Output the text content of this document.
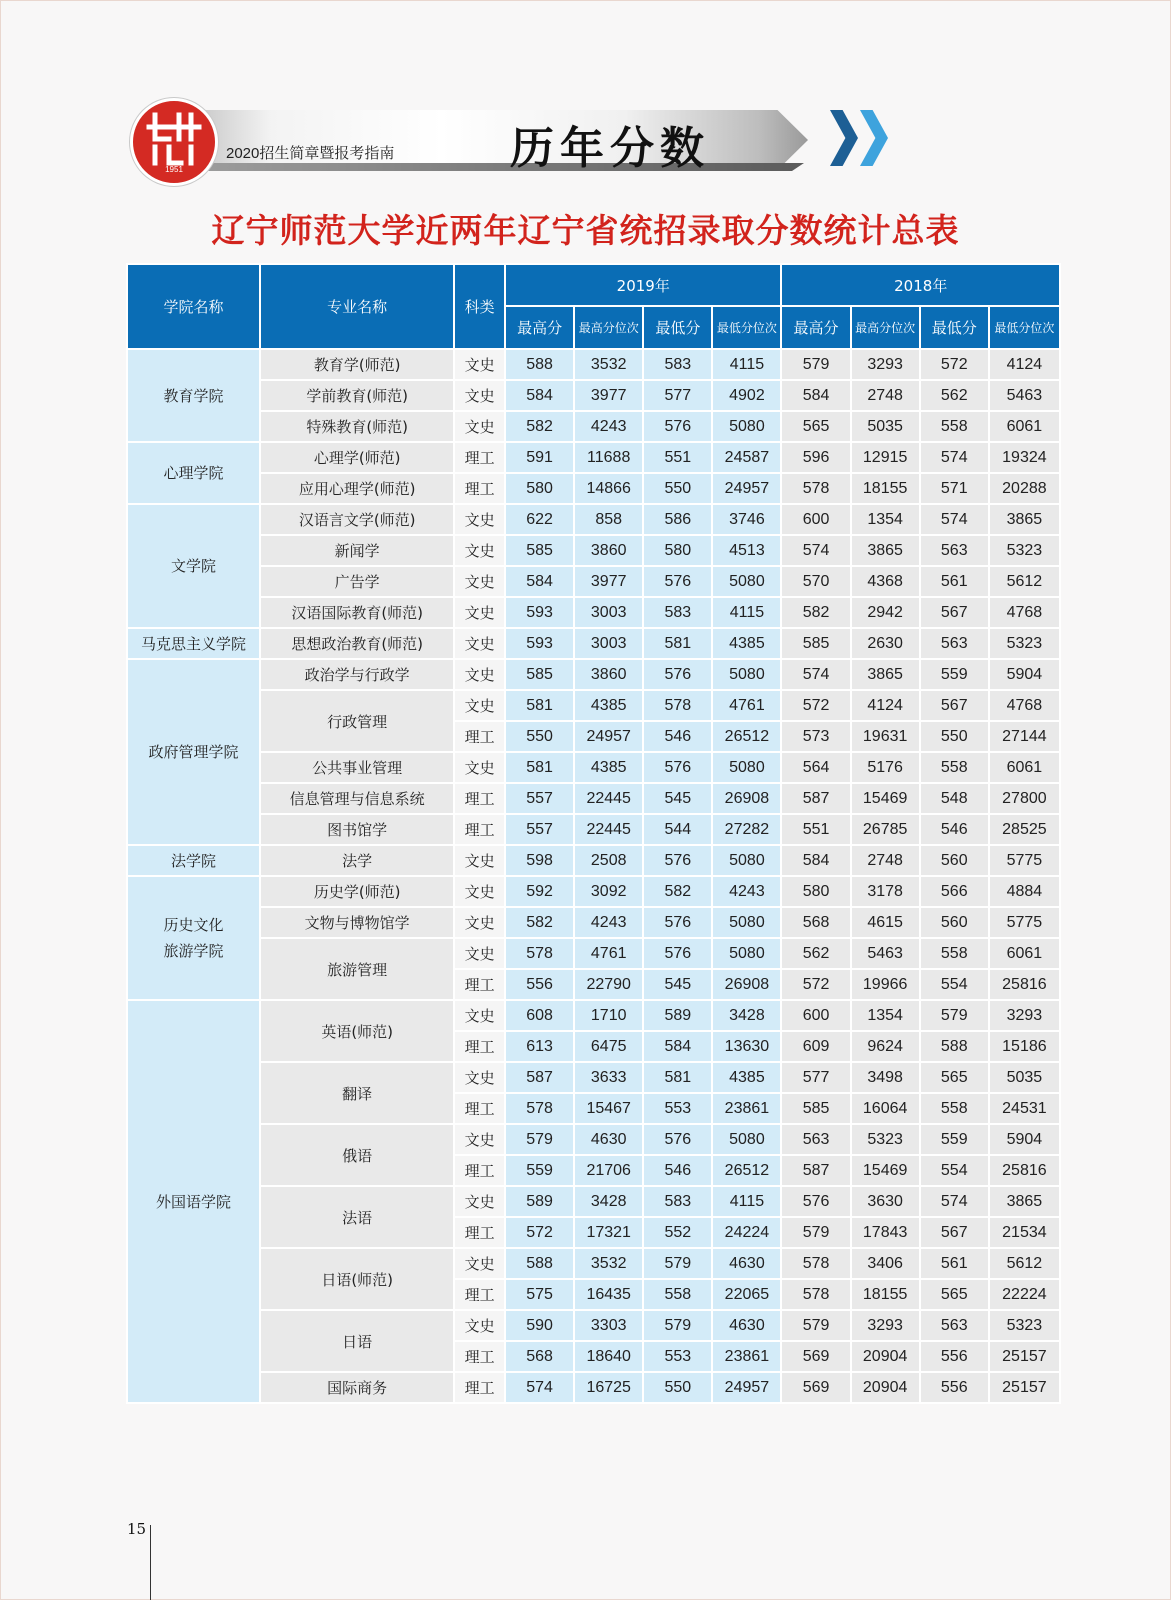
1951
2020招生简章暨报考指南	历年分数
辽宁师范大学近两年辽宁省统招录取分数统计总表
学院名称	专业名称	科类	2019年				2018年			
			最高分	最高分位次	最低分	最低分位次	最高分	最高分位次	最低分	最低分位次
教育学院	教育学(师范)	文史	588	3532	583	4115	579	3293	572	4124
	学前教育(师范)	文史	584	3977	577	4902	584	2748	562	5463
	特殊教育(师范)	文史	582	4243	576	5080	565	5035	558	6061
心理学院	心理学(师范)	理工	591	11688	551	24587	596	12915	574	19324
	应用心理学(师范)	理工	580	14866	550	24957	578	18155	571	20288
文学院	汉语言文学(师范)	文史	622	858	586	3746	600	1354	574	3865
	新闻学	文史	585	3860	580	4513	574	3865	563	5323
	广告学	文史	584	3977	576	5080	570	4368	561	5612
	汉语国际教育(师范)	文史	593	3003	583	4115	582	2942	567	4768
马克思主义学院	思想政治教育(师范)	文史	593	3003	581	4385	585	2630	563	5323
政府管理学院	政治学与行政学	文史	585	3860	576	5080	574	3865	559	5904
	行政管理	文史	581	4385	578	4761	572	4124	567	4768
		理工	550	24957	546	26512	573	19631	550	27144
	公共事业管理	文史	581	4385	576	5080	564	5176	558	6061
	信息管理与信息系统	理工	557	22445	545	26908	587	15469	548	27800
	图书馆学	理工	557	22445	544	27282	551	26785	546	28525
法学院	法学	文史	598	2508	576	5080	584	2748	560	5775
历史文化旅游学院	历史学(师范)	文史	592	3092	582	4243	580	3178	566	4884
	文物与博物馆学	文史	582	4243	576	5080	568	4615	560	5775
	旅游管理	文史	578	4761	576	5080	562	5463	558	6061
		理工	556	22790	545	26908	572	19966	554	25816
外国语学院	英语(师范)	文史	608	1710	589	3428	600	1354	579	3293
		理工	613	6475	584	13630	609	9624	588	15186
	翻译	文史	587	3633	581	4385	577	3498	565	5035
		理工	578	15467	553	23861	585	16064	558	24531
	俄语	文史	579	4630	576	5080	563	5323	559	5904
		理工	559	21706	546	26512	587	15469	554	25816
	法语	文史	589	3428	583	4115	576	3630	574	3865
		理工	572	17321	552	24224	579	17843	567	21534
	日语(师范)	文史	588	3532	579	4630	578	3406	561	5612
		理工	575	16435	558	22065	578	18155	565	22224
	日语	文史	590	3303	579	4630	579	3293	563	5323
		理工	568	18640	553	23861	569	20904	556	25157
	国际商务	理工	574	16725	550	24957	569	20904	556	25157
15
